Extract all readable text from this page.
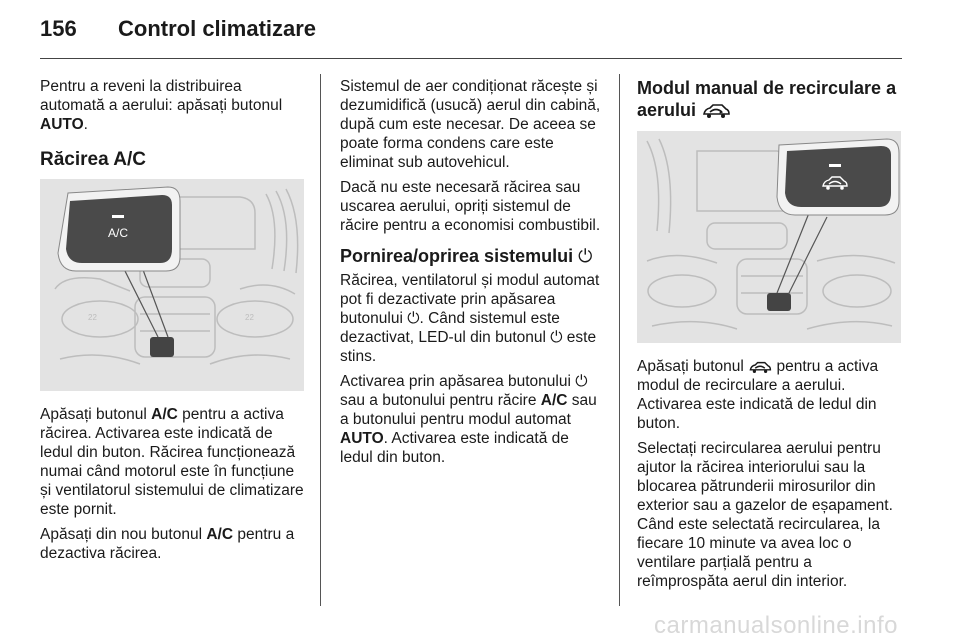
156 Control climatizare

Pentru a reveni la distribuirea automată a aerului: apăsați butonul AUTO.

Răcirea A/C
22	22
A/C

Apăsați butonul A/C pentru a activa răcirea. Activarea este indicată de ledul din buton. Răcirea funcționează numai când motorul este în funcțiune și ventilatorul sistemului de climatizare este pornit.

Apăsați din nou butonul A/C pentru a dezactiva răcirea.

Sistemul de aer condiționat răcește și dezumidifică (usucă) aerul din cabină, după cum este necesar. De aceea se poate forma condens care este eliminat sub autovehicul.

Dacă nu este necesară răcirea sau uscarea aerului, opriți sistemul de răcire pentru a economisi combustibil.

Pornirea/oprirea sistemului ⏻

Răcirea, ventilatorul și modul automat pot fi dezactivate prin apăsarea butonului ⏻. Când sistemul este dezactivat, LED-ul din butonul ⏻ este stins.

Activarea prin apăsarea butonului ⏻ sau a butonului pentru răcire A/C sau a butonului pentru modul automat AUTO. Activarea este indicată de ledul din buton.

Modul manual de recirculare a aerului

Apăsați butonul  pentru a activa modul de recirculare a aerului. Activarea este indicată de ledul din buton.

Selectați recircularea aerului pentru ajutor la răcirea interiorului sau la blocarea pătrunderii mirosurilor din exterior sau a gazelor de eșapament. Când este selectată recircularea, la fiecare 10 minute va avea loc o ventilare parțială pentru a reîmprospăta aerul din interior.

carmanualsonline.info
